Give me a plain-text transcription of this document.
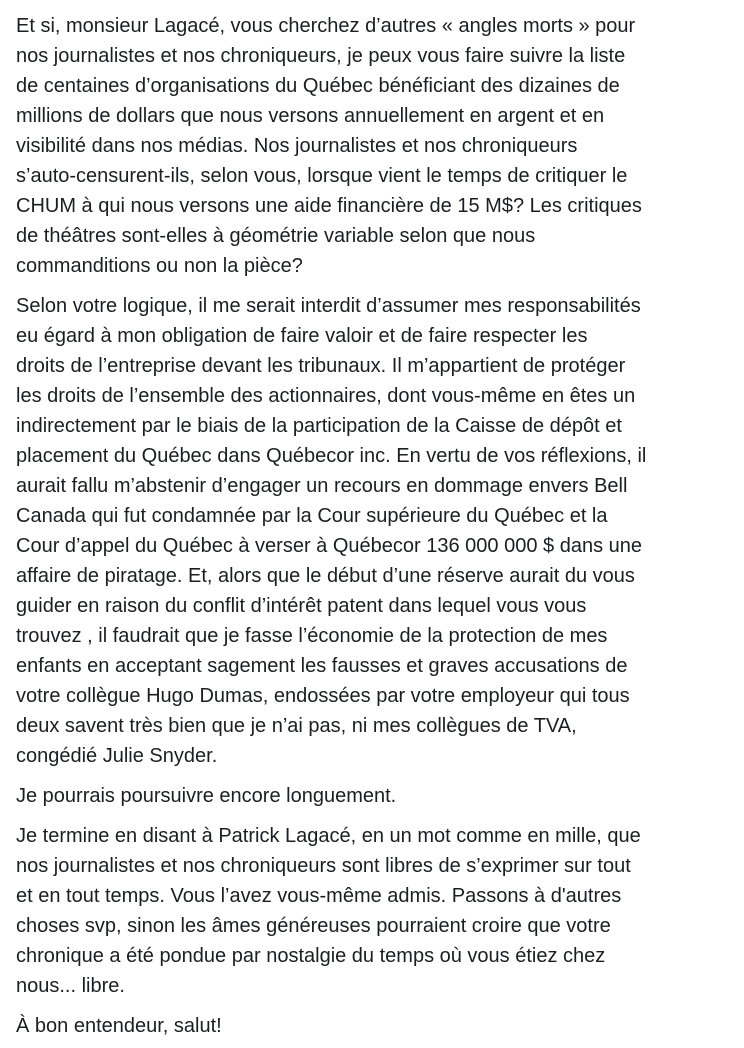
Et si, monsieur Lagacé, vous cherchez d’autres « angles morts » pour
nos journalistes et nos chroniqueurs, je peux vous faire suivre la liste
de centaines d’organisations du Québec bénéficiant des dizaines de
millions de dollars que nous versons annuellement en argent et en
visibilité dans nos médias. Nos journalistes et nos chroniqueurs
s’auto-censurent-ils, selon vous, lorsque vient le temps de critiquer le
CHUM à qui nous versons une aide financière de 15 M$? Les critiques
de théâtres sont-elles à géométrie variable selon que nous
commanditions ou non la pièce?
Selon votre logique, il me serait interdit d’assumer mes responsabilités
eu égard à mon obligation de faire valoir et de faire respecter les
droits de l’entreprise devant les tribunaux. Il m’appartient de protéger
les droits de l’ensemble des actionnaires, dont vous-même en êtes un
indirectement par le biais de la participation de la Caisse de dépôt et
placement du Québec dans Québecor inc. En vertu de vos réflexions, il
aurait fallu m’abstenir d’engager un recours en dommage envers Bell
Canada qui fut condamnée par la Cour supérieure du Québec et la
Cour d’appel du Québec à verser à Québecor 136 000 000 $ dans une
affaire de piratage. Et, alors que le début d’une réserve aurait du vous
guider en raison du conflit d’intérêt patent dans lequel vous vous
trouvez , il faudrait que je fasse l’économie de la protection de mes
enfants en acceptant sagement les fausses et graves accusations de
votre collègue Hugo Dumas, endossées par votre employeur qui tous
deux savent très bien que je n’ai pas, ni mes collègues de TVA,
congédié Julie Snyder.
Je pourrais poursuivre encore longuement.
Je termine en disant à Patrick Lagacé, en un mot comme en mille, que
nos journalistes et nos chroniqueurs sont libres de s’exprimer sur tout
et en tout temps. Vous l’avez vous-même admis. Passons à d'autres
choses svp, sinon les âmes généreuses pourraient croire que votre
chronique a été pondue par nostalgie du temps où vous étiez chez
nous... libre.
À bon entendeur, salut!
